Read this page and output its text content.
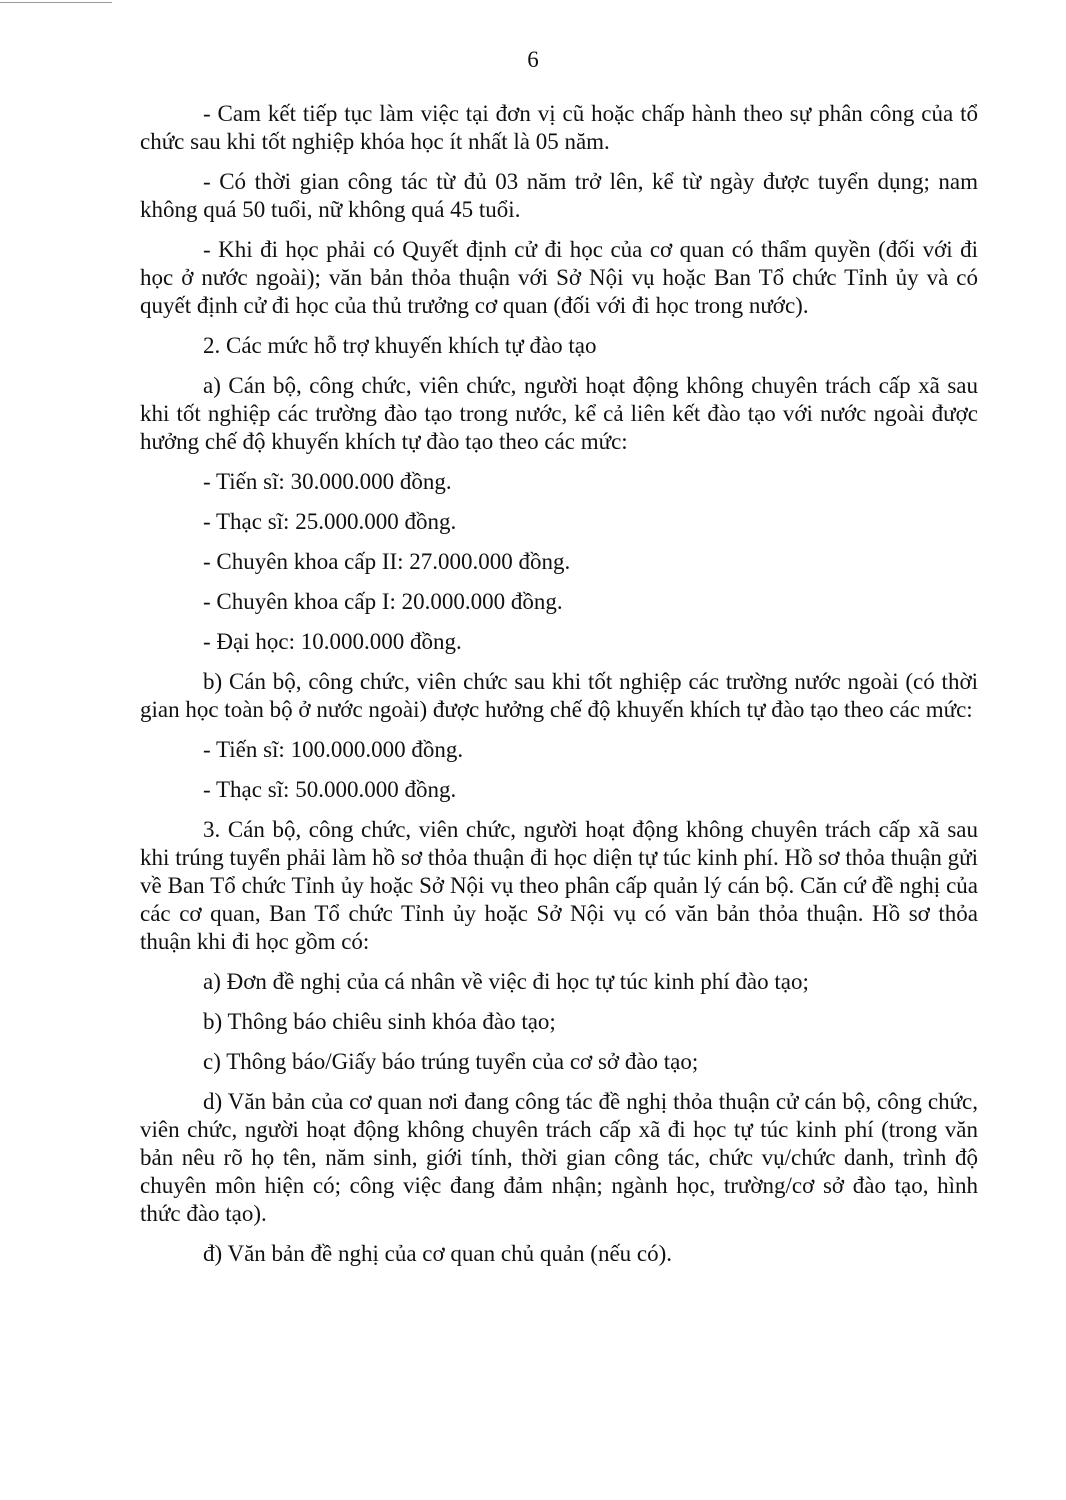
6

- Cam kết tiếp tục làm việc tại đơn vị cũ hoặc chấp hành theo sự phân công của tổ chức sau khi tốt nghiệp khóa học ít nhất là 05 năm.

- Có thời gian công tác từ đủ 03 năm trở lên, kể từ ngày được tuyển dụng; nam không quá 50 tuổi, nữ không quá 45 tuổi.

- Khi đi học phải có Quyết định cử đi học của cơ quan có thẩm quyền (đối với đi học ở nước ngoài); văn bản thỏa thuận với Sở Nội vụ hoặc Ban Tổ chức Tỉnh ủy và có quyết định cử đi học của thủ trưởng cơ quan (đối với đi học trong nước).

2. Các mức hỗ trợ khuyến khích tự đào tạo

a) Cán bộ, công chức, viên chức, người hoạt động không chuyên trách cấp xã sau khi tốt nghiệp các trường đào tạo trong nước, kể cả liên kết đào tạo với nước ngoài được hưởng chế độ khuyến khích tự đào tạo theo các mức:

- Tiến sĩ: 30.000.000 đồng.

- Thạc sĩ: 25.000.000 đồng.

- Chuyên khoa cấp II: 27.000.000 đồng.

- Chuyên khoa cấp I: 20.000.000 đồng.

- Đại học: 10.000.000 đồng.

b) Cán bộ, công chức, viên chức sau khi tốt nghiệp các trường nước ngoài (có thời gian học toàn bộ ở nước ngoài) được hưởng chế độ khuyến khích tự đào tạo theo các mức:

- Tiến sĩ: 100.000.000 đồng.

- Thạc sĩ: 50.000.000 đồng.

3. Cán bộ, công chức, viên chức, người hoạt động không chuyên trách cấp xã sau khi trúng tuyển phải làm hồ sơ thỏa thuận đi học diện tự túc kinh phí. Hồ sơ thỏa thuận gửi về Ban Tổ chức Tỉnh ủy hoặc Sở Nội vụ theo phân cấp quản lý cán bộ. Căn cứ đề nghị của các cơ quan, Ban Tổ chức Tỉnh ủy hoặc Sở Nội vụ có văn bản thỏa thuận. Hồ sơ thỏa thuận khi đi học gồm có:

a) Đơn đề nghị của cá nhân về việc đi học tự túc kinh phí đào tạo;

b) Thông báo chiêu sinh khóa đào tạo;

c) Thông báo/Giấy báo trúng tuyển của cơ sở đào tạo;

d) Văn bản của cơ quan nơi đang công tác đề nghị thỏa thuận cử cán bộ, công chức, viên chức, người hoạt động không chuyên trách cấp xã đi học tự túc kinh phí (trong văn bản nêu rõ họ tên, năm sinh, giới tính, thời gian công tác, chức vụ/chức danh, trình độ chuyên môn hiện có; công việc đang đảm nhận; ngành học, trường/cơ sở đào tạo, hình thức đào tạo).

đ) Văn bản đề nghị của cơ quan chủ quản (nếu có).
